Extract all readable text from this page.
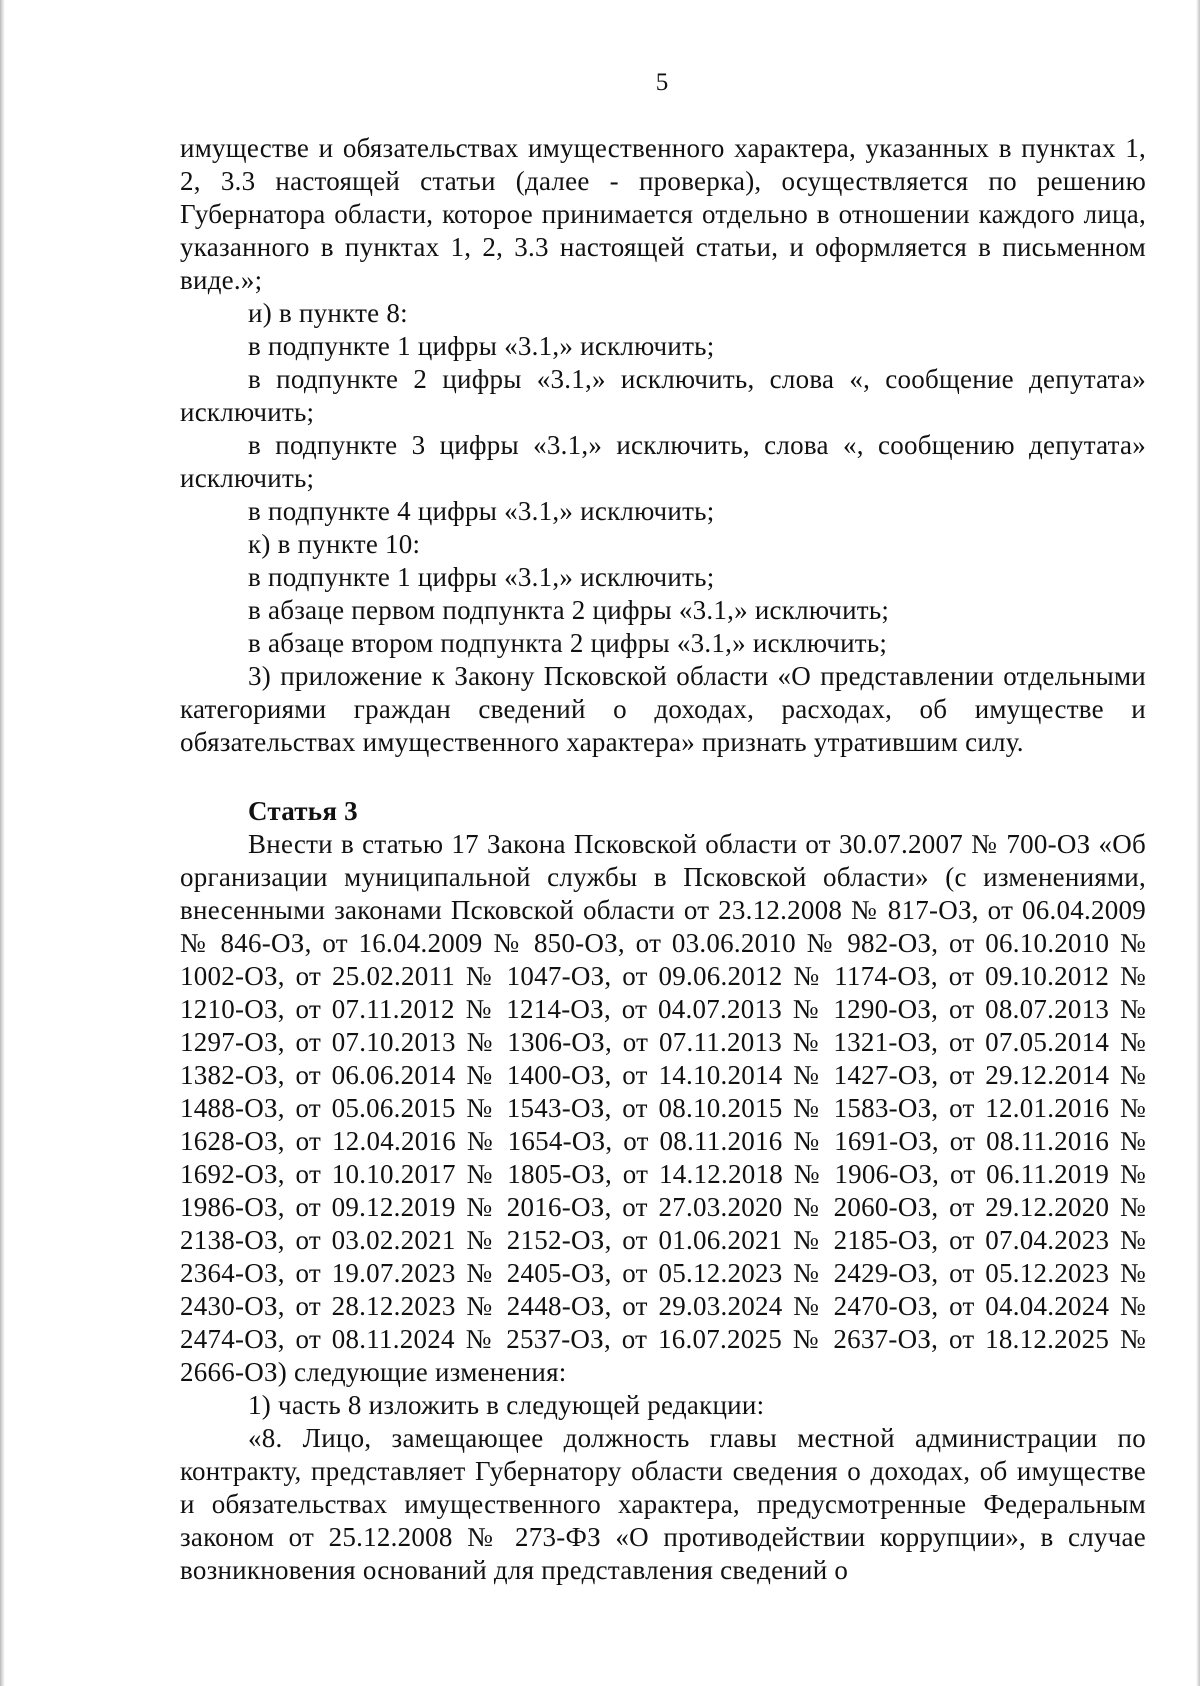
5

имуществе и обязательствах имущественного характера, указанных в пунктах 1, 2, 3.3 настоящей статьи (далее - проверка), осуществляется по решению Губернатора области, которое принимается отдельно в отношении каждого лица, указанного в пунктах 1, 2, 3.3 настоящей статьи, и оформляется в письменном виде.»;

и) в пункте 8:

в подпункте 1 цифры «3.1,» исключить;

в подпункте 2 цифры «3.1,» исключить, слова «, сообщение депутата» исключить;

в подпункте 3 цифры «3.1,» исключить, слова «, сообщению депутата» исключить;

в подпункте 4 цифры «3.1,» исключить;

к) в пункте 10:

в подпункте 1 цифры «3.1,» исключить;

в абзаце первом подпункта 2 цифры «3.1,» исключить;

в абзаце втором подпункта 2 цифры «3.1,» исключить;

3) приложение к Закону Псковской области «О представлении отдельными категориями граждан сведений о доходах, расходах, об имуществе и обязательствах имущественного характера» признать утратившим силу.

Статья 3

Внести в статью 17 Закона Псковской области от 30.07.2007 № 700-ОЗ «Об организации муниципальной службы в Псковской области» (с изменениями, внесенными законами Псковской области от 23.12.2008 № 817-ОЗ, от 06.04.2009 № 846-ОЗ, от 16.04.2009 № 850-ОЗ, от 03.06.2010 № 982-ОЗ, от 06.10.2010 № 1002-ОЗ, от 25.02.2011 № 1047-ОЗ, от 09.06.2012 № 1174-ОЗ, от 09.10.2012 № 1210-ОЗ, от 07.11.2012 № 1214-ОЗ, от 04.07.2013 № 1290-ОЗ, от 08.07.2013 № 1297-ОЗ, от 07.10.2013 № 1306-ОЗ, от 07.11.2013 № 1321-ОЗ, от 07.05.2014 № 1382-ОЗ, от 06.06.2014 № 1400-ОЗ, от 14.10.2014 № 1427-ОЗ, от 29.12.2014 № 1488-ОЗ, от 05.06.2015 № 1543-ОЗ, от 08.10.2015 № 1583-ОЗ, от 12.01.2016 № 1628-ОЗ, от 12.04.2016 № 1654-ОЗ, от 08.11.2016 № 1691-ОЗ, от 08.11.2016 № 1692-ОЗ, от 10.10.2017 № 1805-ОЗ, от 14.12.2018 № 1906-ОЗ, от 06.11.2019 № 1986-ОЗ, от 09.12.2019 № 2016-ОЗ, от 27.03.2020 № 2060-ОЗ, от 29.12.2020 № 2138-ОЗ, от 03.02.2021 № 2152-ОЗ, от 01.06.2021 № 2185-ОЗ, от 07.04.2023 № 2364-ОЗ, от 19.07.2023 № 2405-ОЗ, от 05.12.2023 № 2429-ОЗ, от 05.12.2023 № 2430-ОЗ, от 28.12.2023 № 2448-ОЗ, от 29.03.2024 № 2470-ОЗ, от 04.04.2024 № 2474-ОЗ, от 08.11.2024 № 2537-ОЗ, от 16.07.2025 № 2637-ОЗ, от 18.12.2025 № 2666-ОЗ) следующие изменения:

1) часть 8 изложить в следующей редакции:

«8. Лицо, замещающее должность главы местной администрации по контракту, представляет Губернатору области сведения о доходах, об имуществе и обязательствах имущественного характера, предусмотренные Федеральным законом от 25.12.2008 № 273-ФЗ «О противодействии коррупции», в случае возникновения оснований для представления сведений о
